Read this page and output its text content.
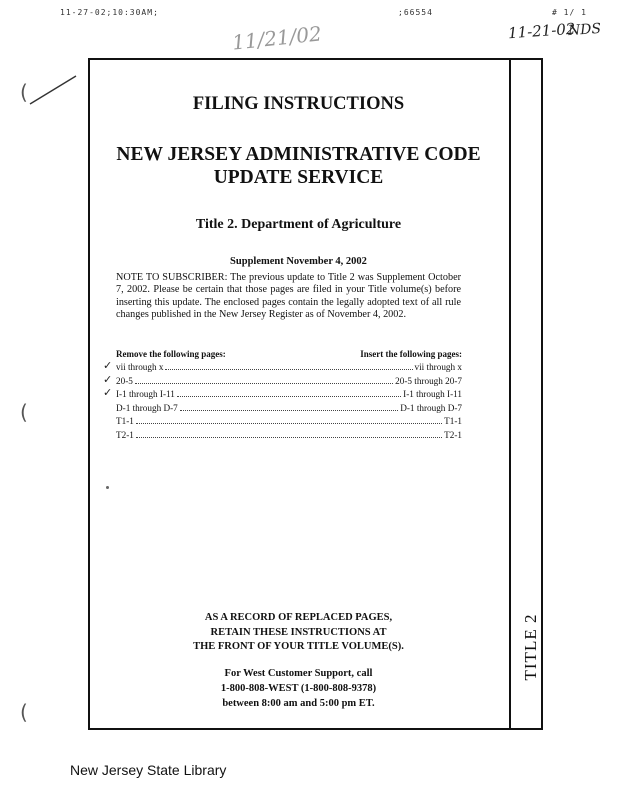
11-27-02;10:30AM;	;66554	# 1/ 1
11/21/02	11-21-02
NDS
(
(
(
TITLE 2
FILING INSTRUCTIONS
NEW JERSEY ADMINISTRATIVE CODE
UPDATE SERVICE
Title 2. Department of Agriculture
Supplement November 4, 2002
NOTE TO SUBSCRIBER: The previous update to Title 2 was Supplement October 7, 2002. Please be certain that those pages are filed in your Title volume(s) before inserting this update. The enclosed pages contain the legally adopted text of all rule changes published in the New Jersey Register as of November 4, 2002.
Remove the following pages:	Insert the following pages:
✓ vii through x	vii through x
✓ 20-5	20-5 through 20-7
✓ I-1 through I-11	I-1 through I-11
D-1 through D-7	D-1 through D-7
T1-1	T1-1
T2-1	T2-1
AS A RECORD OF REPLACED PAGES,
RETAIN THESE INSTRUCTIONS AT
THE FRONT OF YOUR TITLE VOLUME(S).
For West Customer Support, call
1-800-808-WEST (1-800-808-9378)
between 8:00 am and 5:00 pm ET.
New Jersey State Library
